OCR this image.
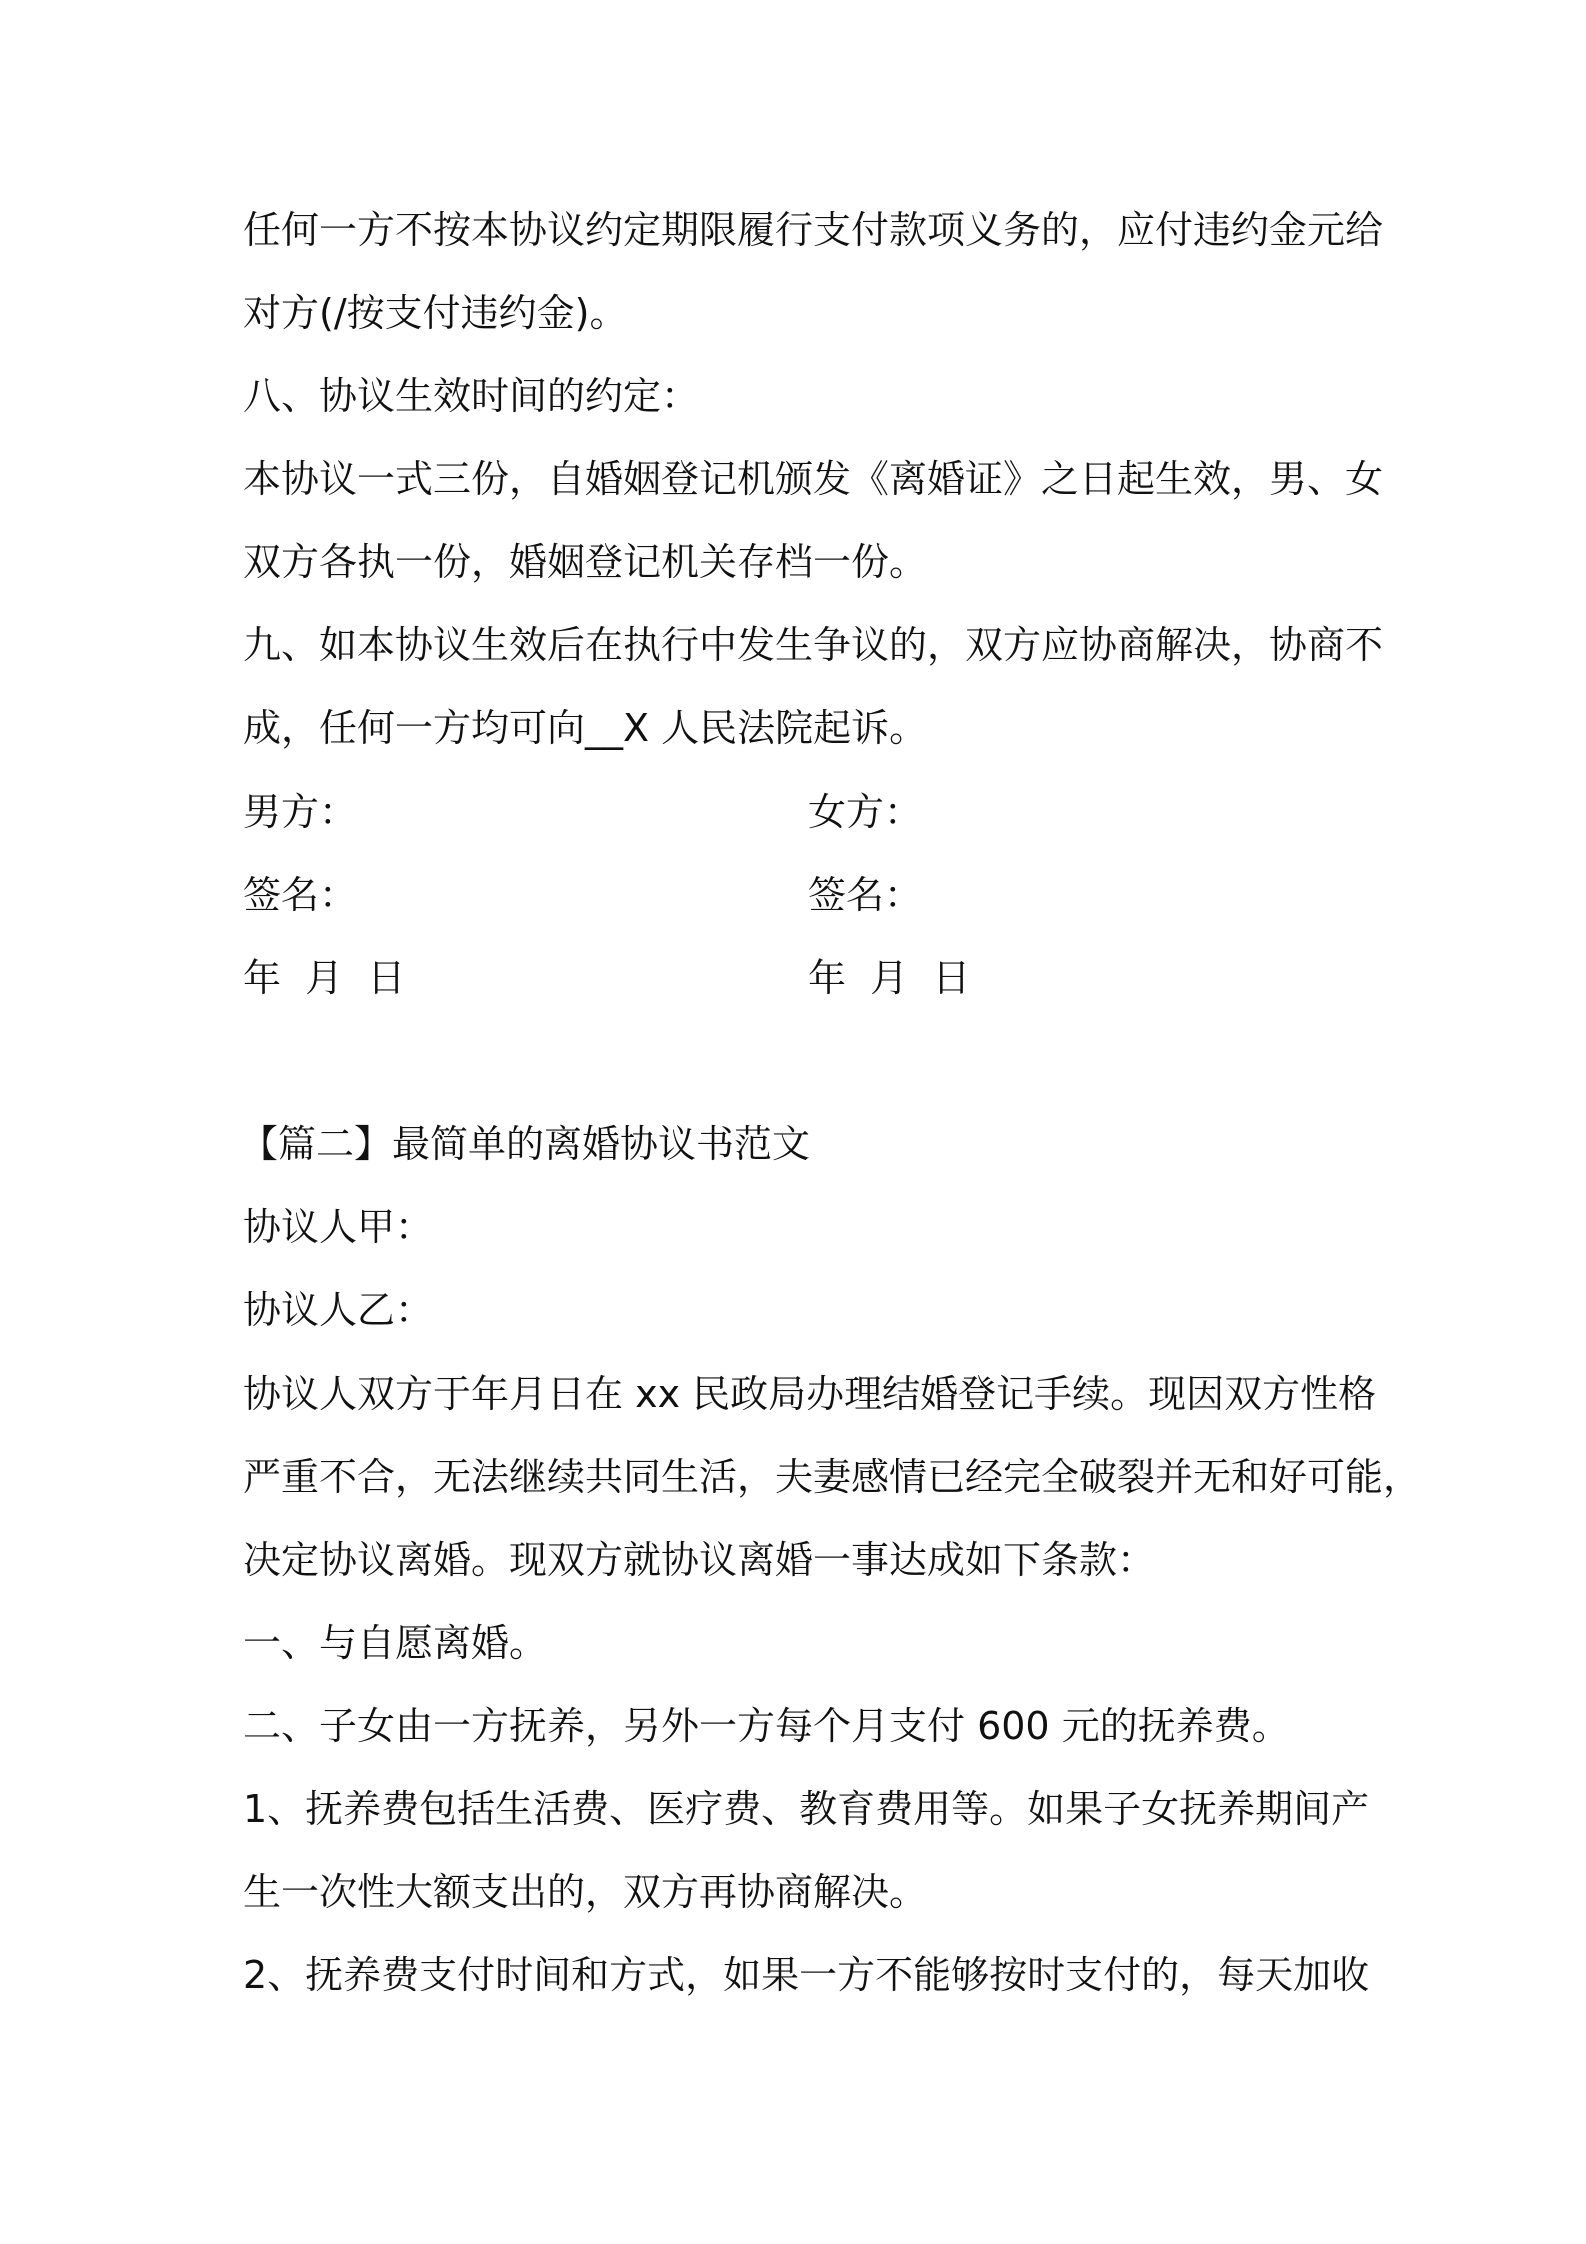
任何一方不按本协议约定期限履行支付款项义务的，应付违约金元给
对方(/按支付违约金)。
八、协议生效时间的约定：
本协议一式三份，自婚姻登记机颁发《离婚证》之日起生效，男、女
双方各执一份，婚姻登记机关存档一份。
九、如本协议生效后在执行中发生争议的，双方应协商解决，协商不
成，任何一方均可向__X 人民法院起诉。
男方：	女方：
签名：	签名：
年  月  日	年  月  日
【篇二】最简单的离婚协议书范文
协议人甲：
协议人乙：
协议人双方于年月日在 xx 民政局办理结婚登记手续。现因双方性格
严重不合，无法继续共同生活，夫妻感情已经完全破裂并无和好可能，
决定协议离婚。现双方就协议离婚一事达成如下条款：
一、与自愿离婚。
二、子女由一方抚养，另外一方每个月支付 600 元的抚养费。
1、抚养费包括生活费、医疗费、教育费用等。如果子女抚养期间产
生一次性大额支出的，双方再协商解决。
2、抚养费支付时间和方式，如果一方不能够按时支付的，每天加收
